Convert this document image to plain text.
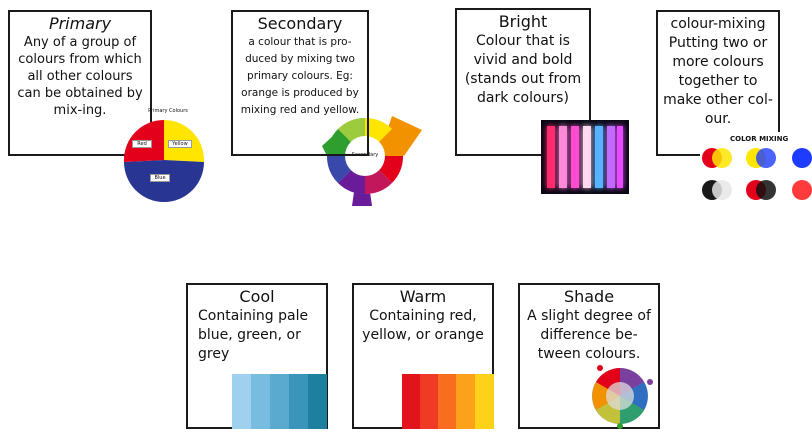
Primary
Any of a group of colours from which all other colours can be obtained by mix-ing.	Primary Colours
Red	Yellow
Blue
Secondary
Secondary
a colour that is pro-duced by mixing two primary colours. Eg: orange is produced by mixing red and yellow.
Bright
Colour that is vivid and bold (stands out from dark colours)
colour-mixing
Putting two or more colours together to make other col-our.
COLOR MIXING
Cool
Containing pale blue, green, or grey
Warm
Containing red, yellow, or orange
Shade
A slight degree of difference be-tween colours.
